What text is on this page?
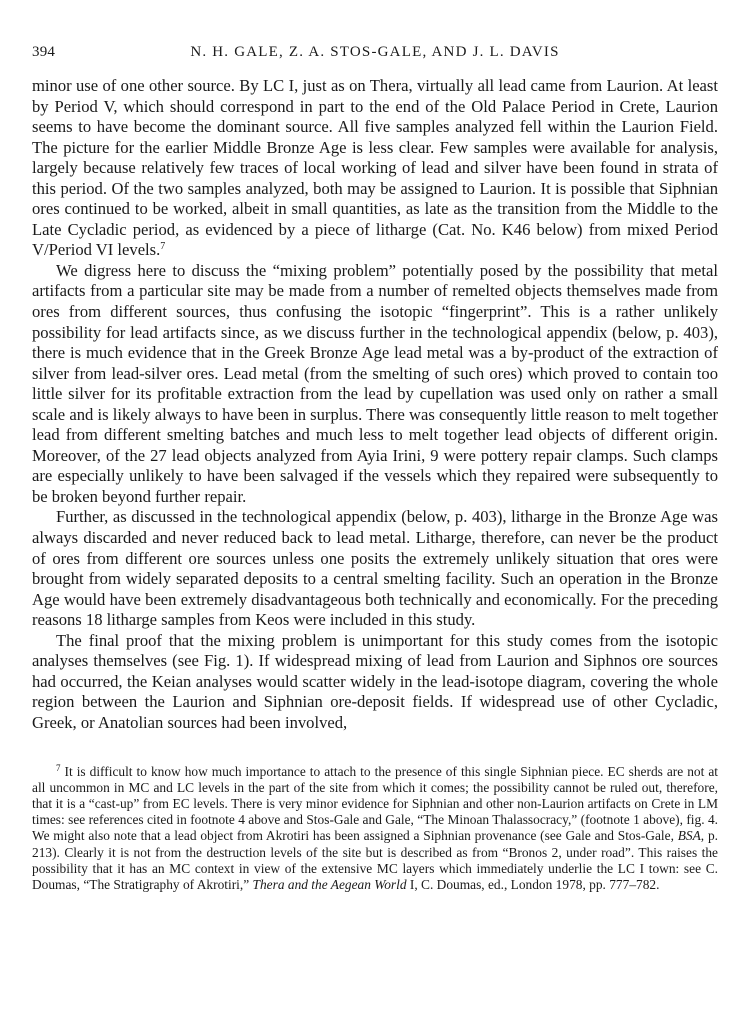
394	N. H. GALE, Z. A. STOS-GALE, AND J. L. DAVIS

minor use of one other source. By LC I, just as on Thera, virtually all lead came from Laurion. At least by Period V, which should correspond in part to the end of the Old Palace Period in Crete, Laurion seems to have become the dominant source. All five samples analyzed fell within the Laurion Field. The picture for the earlier Middle Bronze Age is less clear. Few samples were available for analysis, largely because relatively few traces of local working of lead and silver have been found in strata of this period. Of the two samples analyzed, both may be assigned to Laurion. It is possible that Siphnian ores continued to be worked, albeit in small quantities, as late as the transition from the Middle to the Late Cycladic period, as evidenced by a piece of litharge (Cat. No. K46 below) from mixed Period V/Period VI levels.$^7$

We digress here to discuss the “mixing problem” potentially posed by the possibility that metal artifacts from a particular site may be made from a number of remelted objects themselves made from ores from different sources, thus confusing the isotopic “fingerprint”. This is a rather unlikely possibility for lead artifacts since, as we discuss further in the technological appendix (below, p. 403), there is much evidence that in the Greek Bronze Age lead metal was a by-product of the extraction of silver from lead-silver ores. Lead metal (from the smelting of such ores) which proved to contain too little silver for its profitable extraction from the lead by cupellation was used only on rather a small scale and is likely always to have been in surplus. There was consequently little reason to melt together lead from different smelting batches and much less to melt together lead objects of different origin. Moreover, of the 27 lead objects analyzed from Ayia Irini, 9 were pottery repair clamps. Such clamps are especially unlikely to have been salvaged if the vessels which they repaired were subsequently to be broken beyond further repair.

Further, as discussed in the technological appendix (below, p. 403), litharge in the Bronze Age was always discarded and never reduced back to lead metal. Litharge, therefore, can never be the product of ores from different ore sources unless one posits the extremely unlikely situation that ores were brought from widely separated deposits to a central smelting facility. Such an operation in the Bronze Age would have been extremely disadvantageous both technically and economically. For the preceding reasons 18 litharge samples from Keos were included in this study.

The final proof that the mixing problem is unimportant for this study comes from the isotopic analyses themselves (see Fig. 1). If widespread mixing of lead from Laurion and Siphnos ore sources had occurred, the Keian analyses would scatter widely in the lead-isotope diagram, covering the whole region between the Laurion and Siphnian ore-deposit fields. If widespread use of other Cycladic, Greek, or Anatolian sources had been involved,

$^7$ It is difficult to know how much importance to attach to the presence of this single Siphnian piece. EC sherds are not at all uncommon in MC and LC levels in the part of the site from which it comes; the possibility cannot be ruled out, therefore, that it is a “cast-up” from EC levels. There is very minor evidence for Siphnian and other non-Laurion artifacts on Crete in LM times: see references cited in footnote 4 above and Stos-Gale and Gale, “The Minoan Thalassocracy,” (footnote 1 above), fig. 4. We might also note that a lead object from Akrotiri has been assigned a Siphnian provenance (see Gale and Stos-Gale, BSA, p. 213). Clearly it is not from the destruction levels of the site but is described as from “Bronos 2, under road”. This raises the possibility that it has an MC context in view of the extensive MC layers which immediately underlie the LC I town: see C. Doumas, “The Stratigraphy of Akrotiri,” Thera and the Aegean World I, C. Doumas, ed., London 1978, pp. 777–782.
